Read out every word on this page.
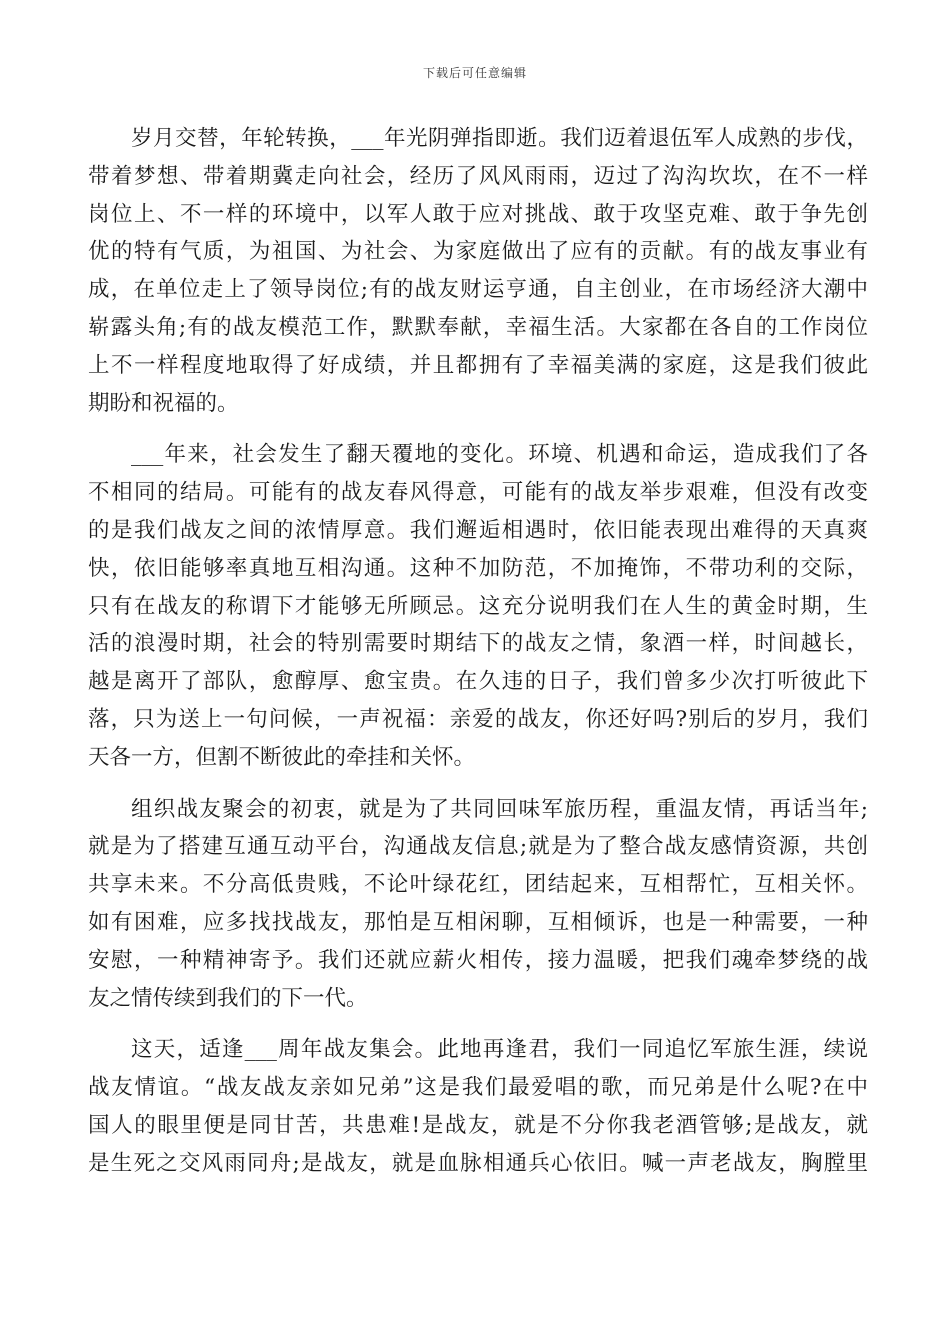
下载后可任意编辑
岁月交替，年轮转换，___年光阴弹指即逝。我们迈着退伍军人成熟的步伐，
带着梦想、带着期冀走向社会，经历了风风雨雨，迈过了沟沟坎坎，在不一样
岗位上、不一样的环境中，以军人敢于应对挑战、敢于攻坚克难、敢于争先创
优的特有气质，为祖国、为社会、为家庭做出了应有的贡献。有的战友事业有
成，在单位走上了领导岗位;有的战友财运亨通，自主创业，在市场经济大潮中
崭露头角;有的战友模范工作，默默奉献，幸福生活。大家都在各自的工作岗位
上不一样程度地取得了好成绩，并且都拥有了幸福美满的家庭，这是我们彼此
期盼和祝福的。
___年来，社会发生了翻天覆地的变化。环境、机遇和命运，造成我们了各
不相同的结局。可能有的战友春风得意，可能有的战友举步艰难，但没有改变
的是我们战友之间的浓情厚意。我们邂逅相遇时，依旧能表现出难得的天真爽
快，依旧能够率真地互相沟通。这种不加防范，不加掩饰，不带功利的交际，
只有在战友的称谓下才能够无所顾忌。这充分说明我们在人生的黄金时期，生
活的浪漫时期，社会的特别需要时期结下的战友之情，象酒一样，时间越长，
越是离开了部队，愈醇厚、愈宝贵。在久违的日子，我们曾多少次打听彼此下
落，只为送上一句问候，一声祝福：亲爱的战友，你还好吗?别后的岁月，我们
天各一方，但割不断彼此的牵挂和关怀。
组织战友聚会的初衷，就是为了共同回味军旅历程，重温友情，再话当年;
就是为了搭建互通互动平台，沟通战友信息;就是为了整合战友感情资源，共创
共享未来。不分高低贵贱，不论叶绿花红，团结起来，互相帮忙，互相关怀。
如有困难，应多找找战友，那怕是互相闲聊，互相倾诉，也是一种需要，一种
安慰，一种精神寄予。我们还就应薪火相传，接力温暖，把我们魂牵梦绕的战
友之情传续到我们的下一代。
这天，适逢___周年战友集会。此地再逢君，我们一同追忆军旅生涯，续说
战友情谊。“战友战友亲如兄弟”这是我们最爱唱的歌，而兄弟是什么呢?在中
国人的眼里便是同甘苦，共患难!是战友，就是不分你我老酒管够;是战友，就
是生死之交风雨同舟;是战友，就是血脉相通兵心依旧。喊一声老战友，胸膛里
